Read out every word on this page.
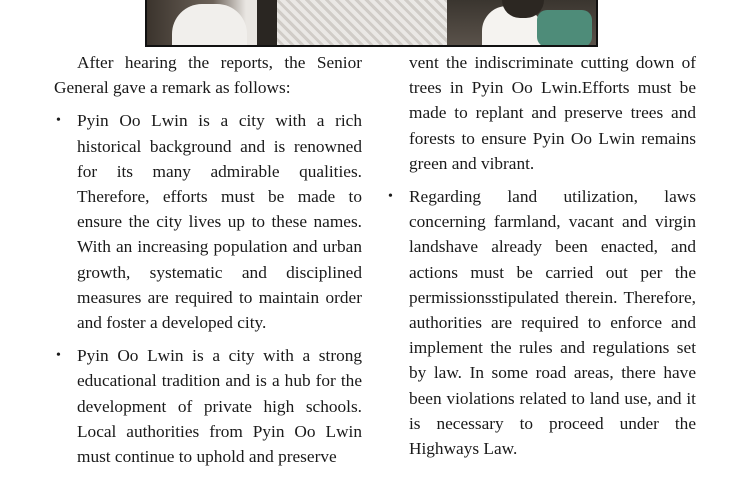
After hearing the reports, the Senior General gave a remark as follows:

• Pyin Oo Lwin is a city with a rich historical background and is renowned for its many admirable qualities. Therefore, efforts must be made to ensure the city lives up to these names. With an increasing population and urban growth, systematic and disciplined measures are required to maintain order and foster a developed city.
• Pyin Oo Lwin is a city with a strong educational tradition and is a hub for the development of private high schools. Local authorities from Pyin Oo Lwin must continue to uphold and preserve

vent the indiscriminate cutting down of trees in Pyin Oo Lwin.Efforts must be made to replant and preserve trees and forests to ensure Pyin Oo Lwin remains green and vibrant.

• Regarding land utilization, laws concerning farmland, vacant and virgin landshave already been enacted, and actions must be carried out per the permissionsstipulated therein. Therefore, authorities are required to enforce and implement the rules and regulations set by law. In some road areas, there have been violations related to land use, and it is necessary to proceed under the Highways Law.
